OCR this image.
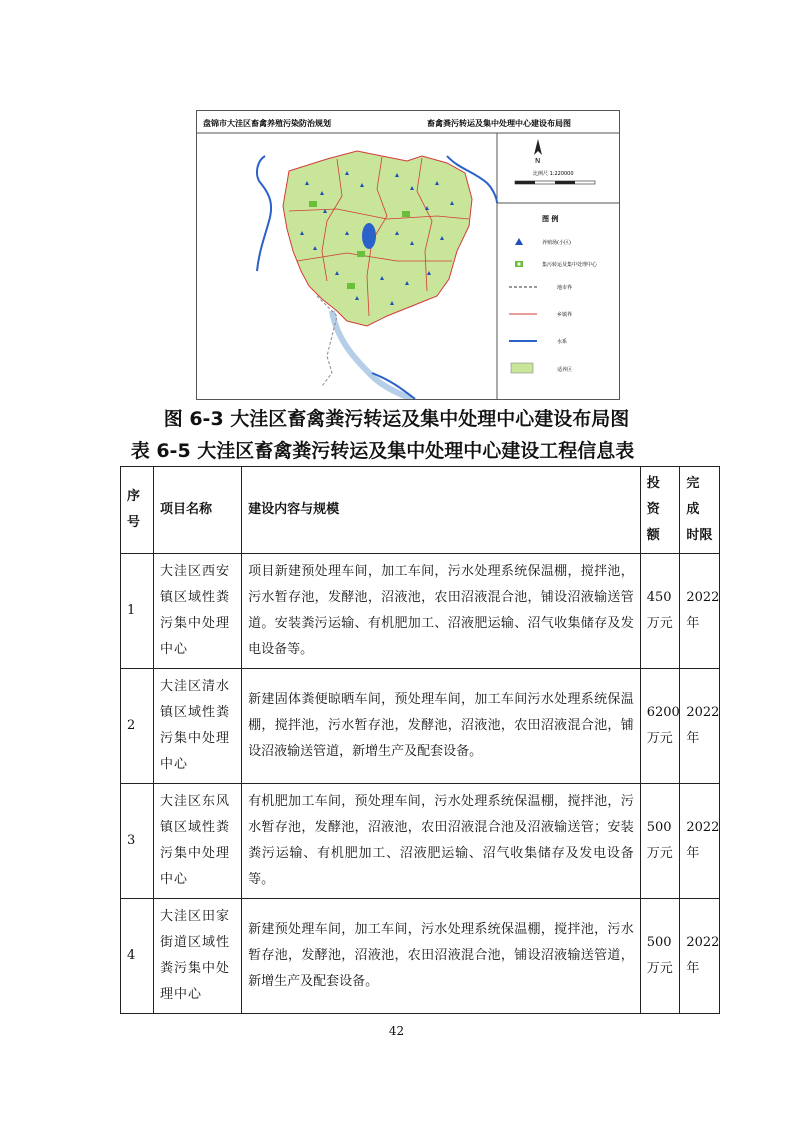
盘锦市大洼区畜禽养殖污染防治规划	畜禽粪污转运及集中处理中心建设布局图
N
比例尺 1:220000
图 例
养殖场(小区)
集污转运及集中处理中心
地市界
乡镇界
水系
适养区
图 6-3 大洼区畜禽粪污转运及集中处理中心建设布局图
表 6-5 大洼区畜禽粪污转运及集中处理中心建设工程信息表
序号	项目名称	建设内容与规模	投 资 额	完 成 时限
1	大洼区西安镇区域性粪污集中处理中心	项目新建预处理车间，加工车间，污水处理系统保温棚，搅拌池，污水暂存池，发酵池，沼液池，农田沼液混合池，铺设沼液输送管道。安装粪污运输、有机肥加工、沼液肥运输、沼气收集储存及发电设备等。	450 万元	2022 年
2	大洼区清水镇区域性粪污集中处理中心	新建固体粪便晾晒车间，预处理车间，加工车间污水处理系统保温棚，搅拌池，污水暂存池，发酵池，沼液池，农田沼液混合池，铺设沼液输送管道，新增生产及配套设备。	6200 万元	2022 年
3	大洼区东风镇区域性粪污集中处理中心	有机肥加工车间，预处理车间，污水处理系统保温棚，搅拌池，污水暂存池，发酵池，沼液池，农田沼液混合池及沼液输送管；安装粪污运输、有机肥加工、沼液肥运输、沼气收集储存及发电设备等。	500 万元	2022 年
4	大洼区田家街道区域性粪污集中处理中心	新建预处理车间，加工车间，污水处理系统保温棚，搅拌池，污水暂存池，发酵池，沼液池，农田沼液混合池，铺设沼液输送管道，新增生产及配套设备。	500 万元	2022 年
42
